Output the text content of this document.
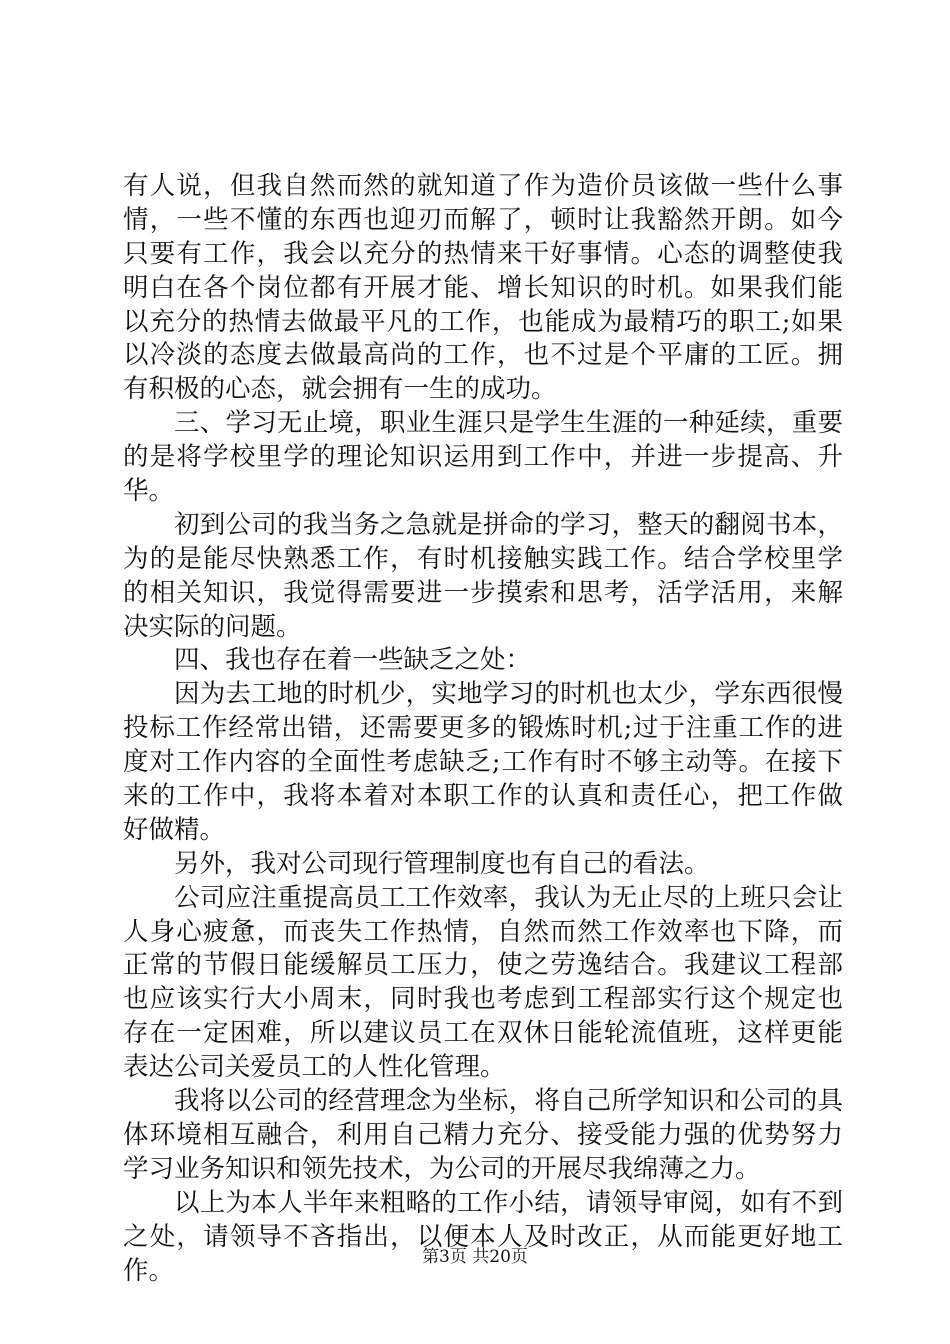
有人说，但我自然而然的就知道了作为造价员该做一些什么事
情，一些不懂的东西也迎刃而解了，顿时让我豁然开朗。如今
只要有工作，我会以充分的热情来干好事情。心态的调整使我
明白在各个岗位都有开展才能、增长知识的时机。如果我们能
以充分的热情去做最平凡的工作，也能成为最精巧的职工;如果
以冷淡的态度去做最高尚的工作，也不过是个平庸的工匠。拥
有积极的心态，就会拥有一生的成功。
三、学习无止境，职业生涯只是学生生涯的一种延续，重要
的是将学校里学的理论知识运用到工作中，并进一步提高、升
华。
初到公司的我当务之急就是拼命的学习，整天的翻阅书本，
为的是能尽快熟悉工作，有时机接触实践工作。结合学校里学
的相关知识，我觉得需要进一步摸索和思考，活学活用，来解
决实际的问题。
四、我也存在着一些缺乏之处：
因为去工地的时机少，实地学习的时机也太少，学东西很慢
投标工作经常出错，还需要更多的锻炼时机;过于注重工作的进
度对工作内容的全面性考虑缺乏;工作有时不够主动等。在接下
来的工作中，我将本着对本职工作的认真和责任心，把工作做
好做精。
另外，我对公司现行管理制度也有自己的看法。
公司应注重提高员工工作效率，我认为无止尽的上班只会让
人身心疲惫，而丧失工作热情，自然而然工作效率也下降，而
正常的节假日能缓解员工压力，使之劳逸结合。我建议工程部
也应该实行大小周末，同时我也考虑到工程部实行这个规定也
存在一定困难，所以建议员工在双休日能轮流值班，这样更能
表达公司关爱员工的人性化管理。
我将以公司的经营理念为坐标，将自己所学知识和公司的具
体环境相互融合，利用自己精力充分、接受能力强的优势努力
学习业务知识和领先技术，为公司的开展尽我绵薄之力。
以上为本人半年来粗略的工作小结，请领导审阅，如有不到
之处，请领导不吝指出，以便本人及时改正，从而能更好地工
作。	第3页 共20页
